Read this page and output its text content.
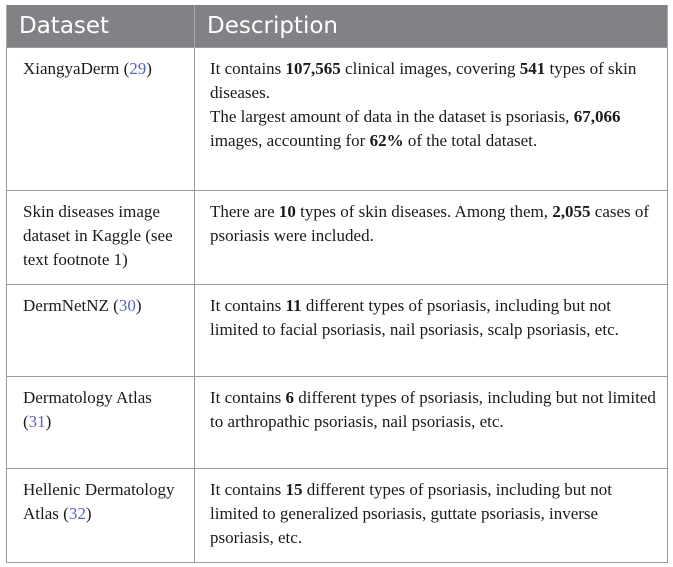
Dataset	Description
XiangyaDerm (29)	It contains 107,565 clinical images, covering 541 types of skin diseases.
The largest amount of data in the dataset is psoriasis, 67,066 images, accounting for 62% of the total dataset.
Skin diseases image dataset in Kaggle (see text footnote 1)	There are 10 types of skin diseases. Among them, 2,055 cases of psoriasis were included.
DermNetNZ (30)	It contains 11 different types of psoriasis, including but not limited to facial psoriasis, nail psoriasis, scalp psoriasis, etc.
Dermatology Atlas (31)	It contains 6 different types of psoriasis, including but not limited to arthropathic psoriasis, nail psoriasis, etc.
Hellenic Dermatology Atlas (32)	It contains 15 different types of psoriasis, including but not limited to generalized psoriasis, guttate psoriasis, inverse psoriasis, etc.
